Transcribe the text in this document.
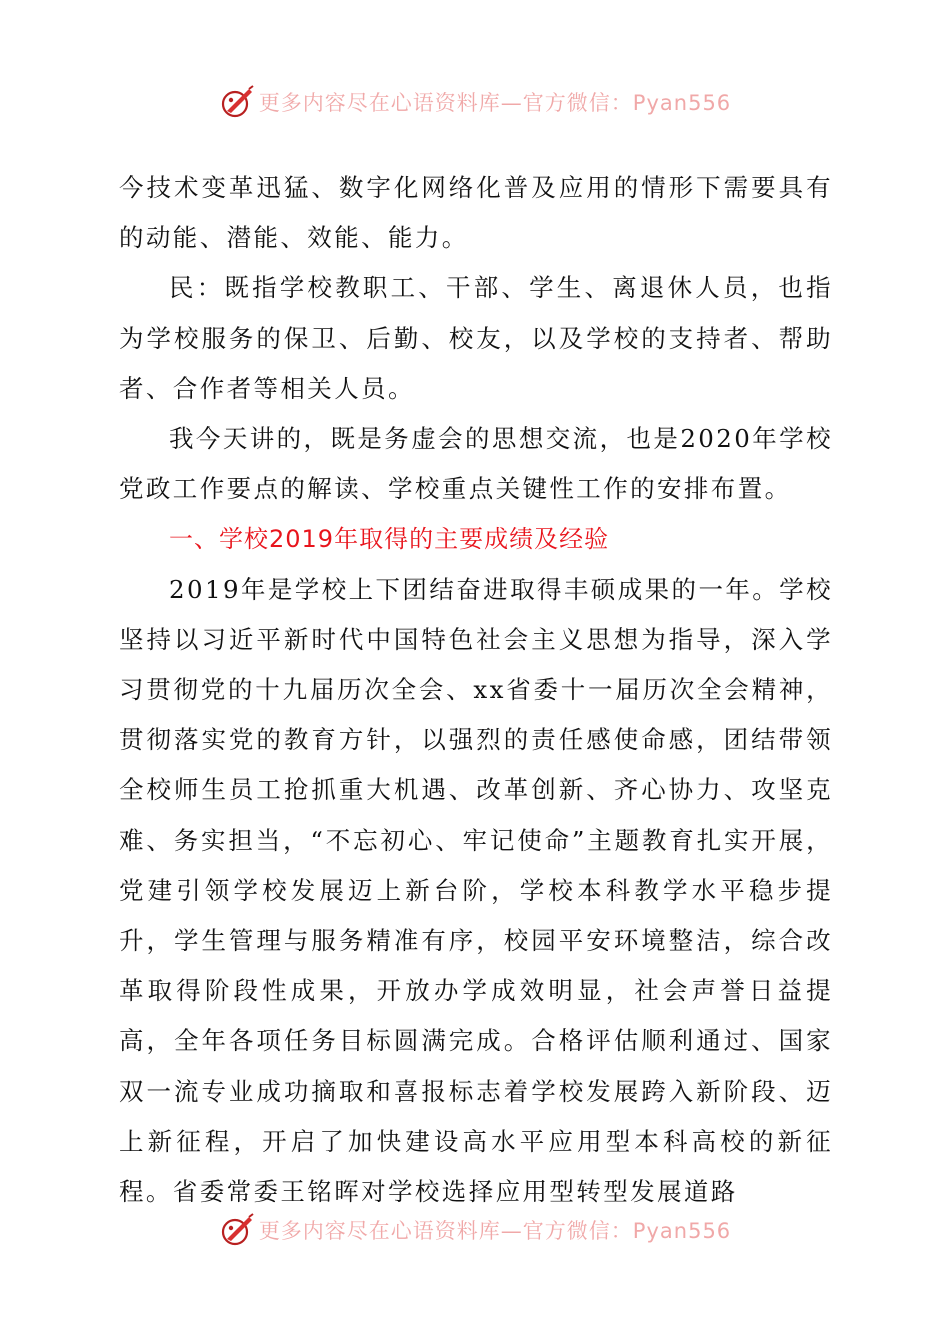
更多内容尽在心语资料库—官方微信：Pyan556

今技术变革迅猛、数字化网络化普及应用的情形下需要具有的动能、潜能、效能、能力。

民：既指学校教职工、干部、学生、离退休人员，也指为学校服务的保卫、后勤、校友，以及学校的支持者、帮助者、合作者等相关人员。

我今天讲的，既是务虚会的思想交流，也是2020年学校党政工作要点的解读、学校重点关键性工作的安排布置。

一、学校2019年取得的主要成绩及经验

2019年是学校上下团结奋进取得丰硕成果的一年。学校坚持以习近平新时代中国特色社会主义思想为指导，深入学习贯彻党的十九届历次全会、xx省委十一届历次全会精神，贯彻落实党的教育方针，以强烈的责任感使命感，团结带领全校师生员工抢抓重大机遇、改革创新、齐心协力、攻坚克难、务实担当，“不忘初心、牢记使命”主题教育扎实开展，党建引领学校发展迈上新台阶，学校本科教学水平稳步提升，学生管理与服务精准有序，校园平安环境整洁，综合改革取得阶段性成果，开放办学成效明显，社会声誉日益提高，全年各项任务目标圆满完成。合格评估顺利通过、国家双一流专业成功摘取和喜报标志着学校发展跨入新阶段、迈上新征程，开启了加快建设高水平应用型本科高校的新征程。省委常委王铭晖对学校选择应用型转型发展道路

更多内容尽在心语资料库—官方微信：Pyan556
